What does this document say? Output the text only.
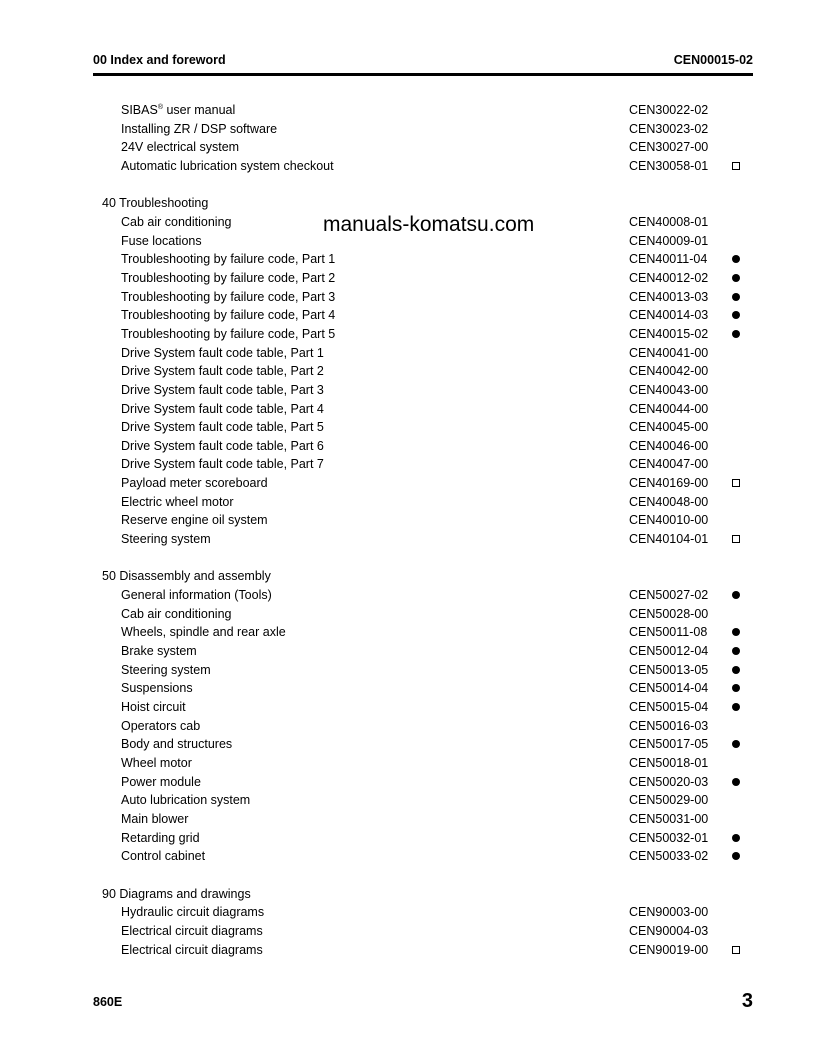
00 Index and foreword	CEN00015-02
manuals-komatsu.com
SIBAS® user manual	CEN30022-02
Installing ZR / DSP software	CEN30023-02
24V electrical system	CEN30027-00
Automatic lubrication system checkout	CEN30058-01
40 Troubleshooting
Cab air conditioning	CEN40008-01
Fuse locations	CEN40009-01
Troubleshooting by failure code, Part 1	CEN40011-04
Troubleshooting by failure code, Part 2	CEN40012-02
Troubleshooting by failure code, Part 3	CEN40013-03
Troubleshooting by failure code, Part 4	CEN40014-03
Troubleshooting by failure code, Part 5	CEN40015-02
Drive System fault code table, Part 1	CEN40041-00
Drive System fault code table, Part 2	CEN40042-00
Drive System fault code table, Part 3	CEN40043-00
Drive System fault code table, Part 4	CEN40044-00
Drive System fault code table, Part 5	CEN40045-00
Drive System fault code table, Part 6	CEN40046-00
Drive System fault code table, Part 7	CEN40047-00
Payload meter scoreboard	CEN40169-00
Electric wheel motor	CEN40048-00
Reserve engine oil system	CEN40010-00
Steering system	CEN40104-01
50 Disassembly and assembly
General information (Tools)	CEN50027-02
Cab air conditioning	CEN50028-00
Wheels, spindle and rear axle	CEN50011-08
Brake system	CEN50012-04
Steering system	CEN50013-05
Suspensions	CEN50014-04
Hoist circuit	CEN50015-04
Operators cab	CEN50016-03
Body and structures	CEN50017-05
Wheel motor	CEN50018-01
Power module	CEN50020-03
Auto lubrication system	CEN50029-00
Main blower	CEN50031-00
Retarding grid	CEN50032-01
Control cabinet	CEN50033-02
90 Diagrams and drawings
Hydraulic circuit diagrams	CEN90003-00
Electrical circuit diagrams	CEN90004-03
Electrical circuit diagrams	CEN90019-00
860E	3
